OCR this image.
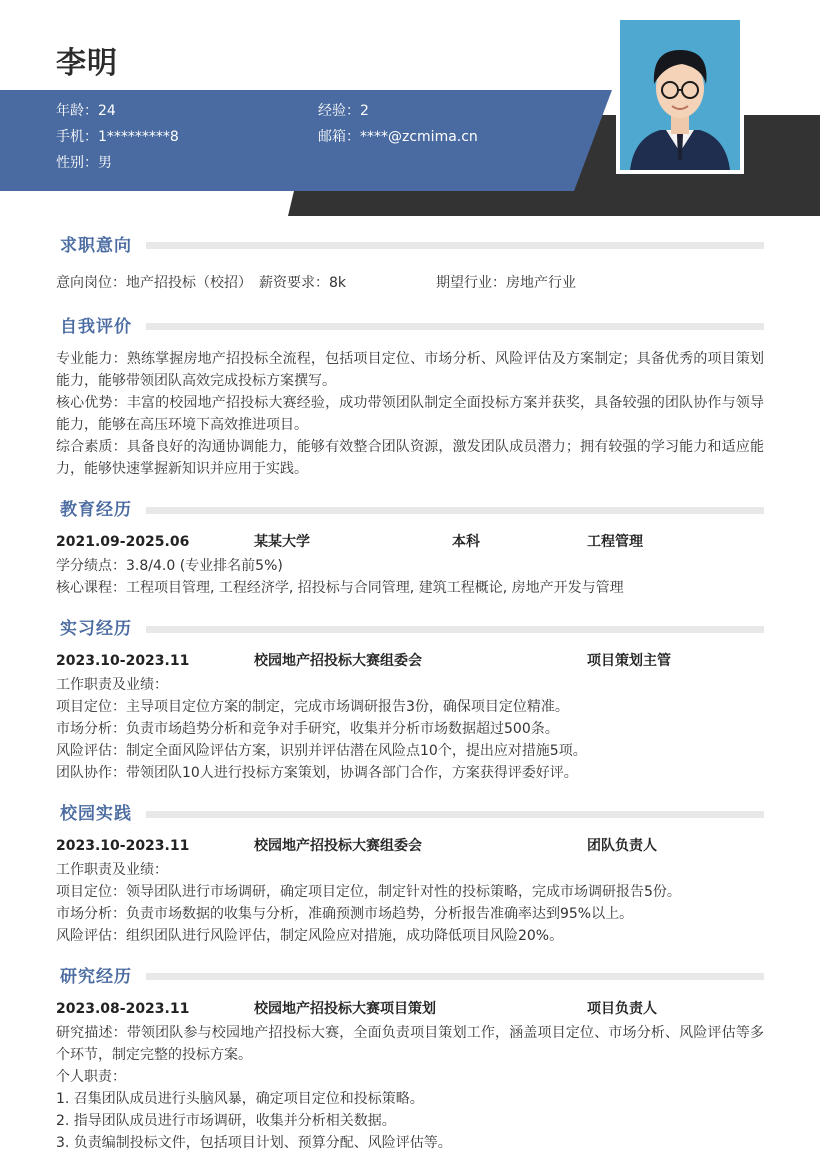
李明
年龄：24	经验：2
手机：1*********8	邮箱：****@zcmima.cn
性别：男
求职意向
意向岗位：地产招投标（校招） 薪资要求：8k	期望行业：房地产行业
自我评价
专业能力：熟练掌握房地产招投标全流程，包括项目定位、市场分析、风险评估及方案制定；具备优秀的项目策划能力，能够带领团队高效完成投标方案撰写。
核心优势：丰富的校园地产招投标大赛经验，成功带领团队制定全面投标方案并获奖，具备较强的团队协作与领导能力，能够在高压环境下高效推进项目。
综合素质：具备良好的沟通协调能力，能够有效整合团队资源，激发团队成员潜力；拥有较强的学习能力和适应能力，能够快速掌握新知识并应用于实践。
教育经历
2021.09-2025.06	某某大学	本科	工程管理
学分绩点：3.8/4.0 (专业排名前5%)
核心课程：工程项目管理, 工程经济学, 招投标与合同管理, 建筑工程概论, 房地产开发与管理
实习经历
2023.10-2023.11	校园地产招投标大赛组委会	项目策划主管
工作职责及业绩：
项目定位：主导项目定位方案的制定，完成市场调研报告3份，确保项目定位精准。
市场分析：负责市场趋势分析和竞争对手研究，收集并分析市场数据超过500条。
风险评估：制定全面风险评估方案，识别并评估潜在风险点10个，提出应对措施5项。
团队协作：带领团队10人进行投标方案策划，协调各部门合作，方案获得评委好评。
校园实践
2023.10-2023.11	校园地产招投标大赛组委会	团队负责人
工作职责及业绩：
项目定位：领导团队进行市场调研，确定项目定位，制定针对性的投标策略，完成市场调研报告5份。
市场分析：负责市场数据的收集与分析，准确预测市场趋势，分析报告准确率达到95%以上。
风险评估：组织团队进行风险评估，制定风险应对措施，成功降低项目风险20%。
研究经历
2023.08-2023.11	校园地产招投标大赛项目策划	项目负责人
研究描述：带领团队参与校园地产招投标大赛，全面负责项目策划工作，涵盖项目定位、市场分析、风险评估等多个环节，制定完整的投标方案。
个人职责：
1. 召集团队成员进行头脑风暴，确定项目定位和投标策略。
2. 指导团队成员进行市场调研，收集并分析相关数据。
3. 负责编制投标文件，包括项目计划、预算分配、风险评估等。
